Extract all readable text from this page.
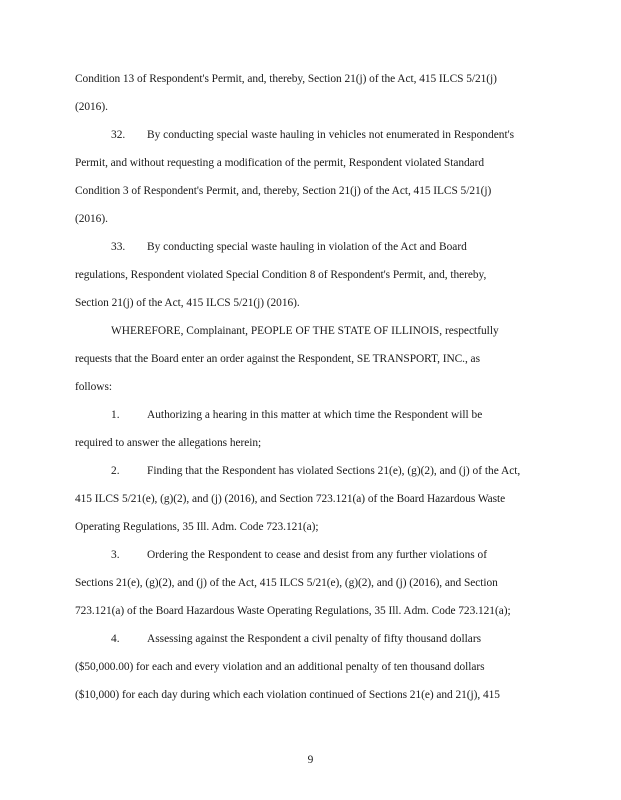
Condition 13 of Respondent's Permit, and, thereby, Section 21(j) of the Act, 415 ILCS 5/21(j)
(2016).
32. By conducting special waste hauling in vehicles not enumerated in Respondent's
Permit, and without requesting a modification of the permit, Respondent violated Standard
Condition 3 of Respondent's Permit, and, thereby, Section 21(j) of the Act, 415 ILCS 5/21(j)
(2016).
33. By conducting special waste hauling in violation of the Act and Board
regulations, Respondent violated Special Condition 8 of Respondent's Permit, and, thereby,
Section 21(j) of the Act, 415 ILCS 5/21(j) (2016).
WHEREFORE, Complainant, PEOPLE OF THE STATE OF ILLINOIS, respectfully
requests that the Board enter an order against the Respondent, SE TRANSPORT, INC., as
follows:
1. Authorizing a hearing in this matter at which time the Respondent will be
required to answer the allegations herein;
2. Finding that the Respondent has violated Sections 21(e), (g)(2), and (j) of the Act,
415 ILCS 5/21(e), (g)(2), and (j) (2016), and Section 723.121(a) of the Board Hazardous Waste
Operating Regulations, 35 Ill. Adm. Code 723.121(a);
3. Ordering the Respondent to cease and desist from any further violations of
Sections 21(e), (g)(2), and (j) of the Act, 415 ILCS 5/21(e), (g)(2), and (j) (2016), and Section
723.121(a) of the Board Hazardous Waste Operating Regulations, 35 Ill. Adm. Code 723.121(a);
4. Assessing against the Respondent a civil penalty of fifty thousand dollars
($50,000.00) for each and every violation and an additional penalty of ten thousand dollars
($10,000) for each day during which each violation continued of Sections 21(e) and 21(j), 415
9
